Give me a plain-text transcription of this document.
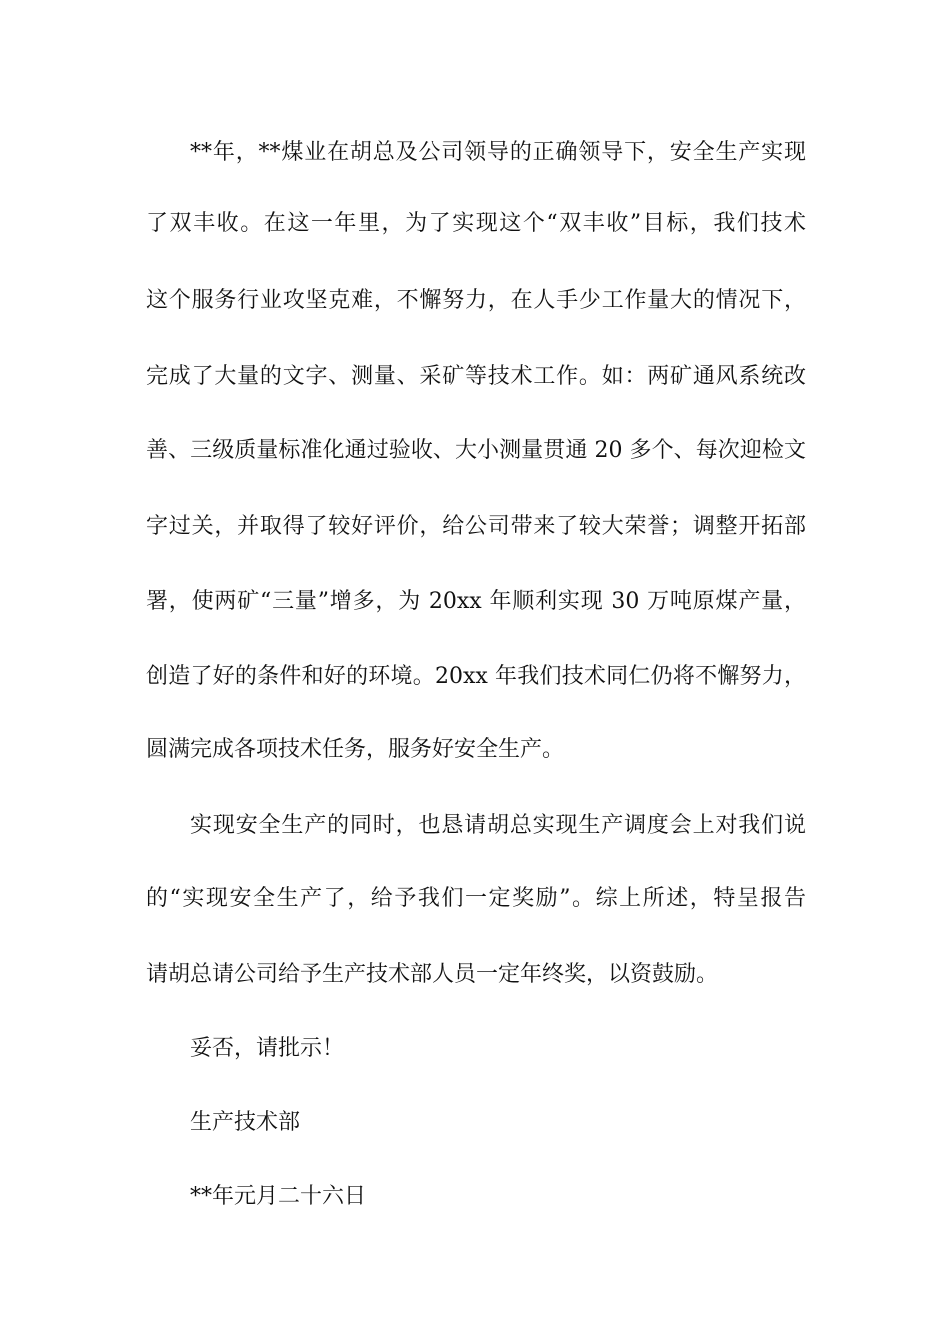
**年，**煤业在胡总及公司领导的正确领导下，安全生产实现
了双丰收。在这一年里，为了实现这个“双丰收”目标，我们技术
这个服务行业攻坚克难，不懈努力，在人手少工作量大的情况下，
完成了大量的文字、测量、采矿等技术工作。如：两矿通风系统改
善、三级质量标准化通过验收、大小测量贯通 20 多个、每次迎检文
字过关，并取得了较好评价，给公司带来了较大荣誉；调整开拓部
署，使两矿“三量”增多，为 20xx 年顺利实现 30 万吨原煤产量，
创造了好的条件和好的环境。20xx 年我们技术同仁仍将不懈努力，
圆满完成各项技术任务，服务好安全生产。
实现安全生产的同时，也恳请胡总实现生产调度会上对我们说
的“实现安全生产了，给予我们一定奖励”。综上所述，特呈报告
请胡总请公司给予生产技术部人员一定年终奖，以资鼓励。
妥否，请批示！
生产技术部
**年元月二十六日
